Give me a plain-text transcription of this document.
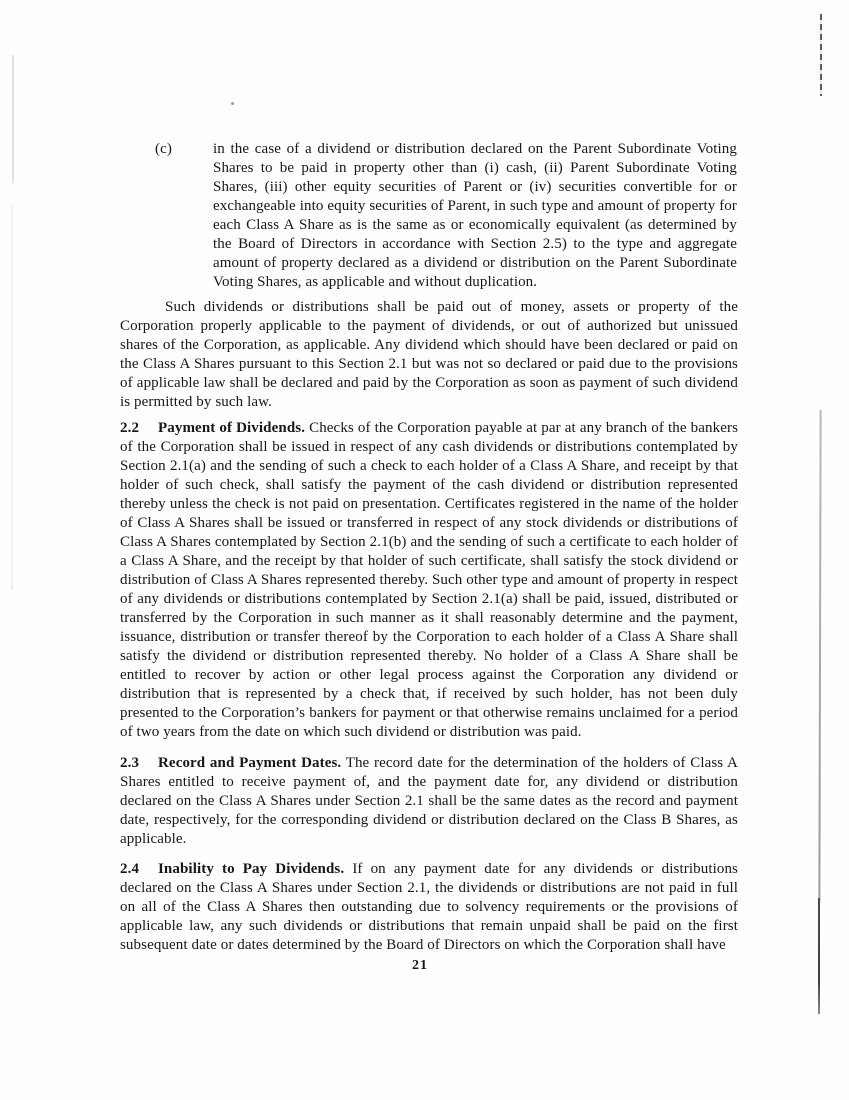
(c)	in the case of a dividend or distribution declared on the Parent Subordinate Voting Shares to be paid in property other than (i) cash, (ii) Parent Subordinate Voting Shares, (iii) other equity securities of Parent or (iv) securities convertible for or exchangeable into equity securities of Parent, in such type and amount of property for each Class A Share as is the same as or economically equivalent (as determined by the Board of Directors in accordance with Section 2.5) to the type and aggregate amount of property declared as a dividend or distribution on the Parent Subordinate Voting Shares, as applicable and without duplication.

Such dividends or distributions shall be paid out of money, assets or property of the Corporation properly applicable to the payment of dividends, or out of authorized but unissued shares of the Corporation, as applicable. Any dividend which should have been declared or paid on the Class A Shares pursuant to this Section 2.1 but was not so declared or paid due to the provisions of applicable law shall be declared and paid by the Corporation as soon as payment of such dividend is permitted by such law.

2.2 Payment of Dividends. Checks of the Corporation payable at par at any branch of the bankers of the Corporation shall be issued in respect of any cash dividends or distributions contemplated by Section 2.1(a) and the sending of such a check to each holder of a Class A Share, and receipt by that holder of such check, shall satisfy the payment of the cash dividend or distribution represented thereby unless the check is not paid on presentation. Certificates registered in the name of the holder of Class A Shares shall be issued or transferred in respect of any stock dividends or distributions of Class A Shares contemplated by Section 2.1(b) and the sending of such a certificate to each holder of a Class A Share, and the receipt by that holder of such certificate, shall satisfy the stock dividend or distribution of Class A Shares represented thereby. Such other type and amount of property in respect of any dividends or distributions contemplated by Section 2.1(a) shall be paid, issued, distributed or transferred by the Corporation in such manner as it shall reasonably determine and the payment, issuance, distribution or transfer thereof by the Corporation to each holder of a Class A Share shall satisfy the dividend or distribution represented thereby. No holder of a Class A Share shall be entitled to recover by action or other legal process against the Corporation any dividend or distribution that is represented by a check that, if received by such holder, has not been duly presented to the Corporation’s bankers for payment or that otherwise remains unclaimed for a period of two years from the date on which such dividend or distribution was paid.

2.3 Record and Payment Dates. The record date for the determination of the holders of Class A Shares entitled to receive payment of, and the payment date for, any dividend or distribution declared on the Class A Shares under Section 2.1 shall be the same dates as the record and payment date, respectively, for the corresponding dividend or distribution declared on the Class B Shares, as applicable.

2.4 Inability to Pay Dividends. If on any payment date for any dividends or distributions declared on the Class A Shares under Section 2.1, the dividends or distributions are not paid in full on all of the Class A Shares then outstanding due to solvency requirements or the provisions of applicable law, any such dividends or distributions that remain unpaid shall be paid on the first subsequent date or dates determined by the Board of Directors on which the Corporation shall have

21
